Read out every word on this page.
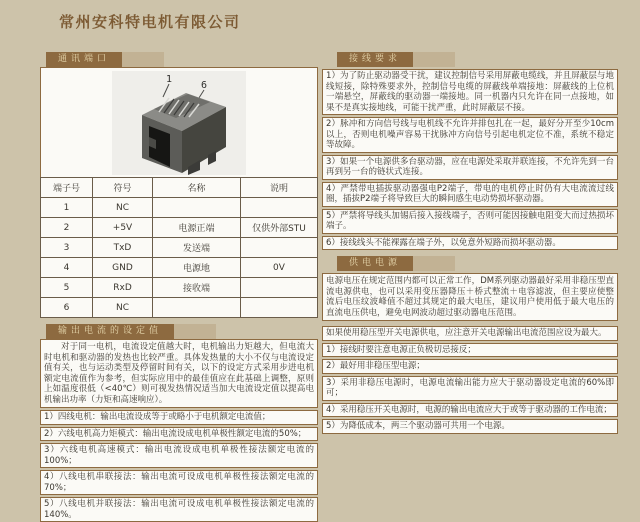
常州安科特电机有限公司
通讯端口
1
6
端子号	符号	名称	说明
1	NC		
2	+5V	电源正端	仅供外部STU
3	TxD	发送端	
4	GND	电源地	0V
5	RxD	接收端	
6	NC		
输出电流的设定值
对于同一电机，电流设定值越大时，电机输出力矩越大，但电流大时电机和驱动器的发热也比较严重。具体发热量的大小不仅与电流设定值有关，也与运动类型及停留时间有关，以下的设定方式采用步进电机额定电流值作为参考，但实际应用中的最佳值应在此基础上调整，原则上如温度很低（<40℃）则可视发热情况适当加大电流设定值以提高电机输出功率（力矩和高速响应）。
1）四线电机：输出电流设成等于或略小于电机额定电流值；
2）六线电机高力矩模式：输出电流设成电机单极性额定电流的50%；
3）六线电机高速模式：输出电流设成电机单极性接法额定电流的100%；
4）八线电机串联接法：输出电流可设成电机单极性接法额定电流的70%；
5）八线电机并联接法：输出电流可设成电机单极性接法额定电流的140%。
接线要求
1）为了防止驱动器受干扰，建议控制信号采用屏蔽电缆线，并且屏蔽层与地线短接，除特殊要求外，控制信号电缆的屏蔽线单端接地：屏蔽线的上位机一端悬空，屏蔽线的驱动器一端接地。同一机器内只允许在同一点接地，如果不是真实接地线，可能干扰严重，此时屏蔽层不接。
2）脉冲和方向信号线与电机线不允许并排包扎在一起，最好分开至少10cm以上，否则电机噪声容易干扰脉冲方向信号引起电机定位不准，系统不稳定等故障。
3）如果一个电源供多台驱动器，应在电源处采取并联连接，不允许先到一台再到另一台的链状式连接。
4）严禁带电插拔驱动器强电P2端子，带电的电机停止时仍有大电流流过线圈，插拔P2端子将导致巨大的瞬间感生电动势损坏驱动器。
5）严禁将导线头加锡后接入接线端子，否则可能因接触电阻变大而过热损坏端子。
6）接线线头不能裸露在端子外，以免意外短路而损坏驱动器。
供电电源
电源电压在规定范围内都可以正常工作，DM系列驱动器最好采用非稳压型直流电源供电，也可以采用变压器降压＋桥式整流＋电容滤波，但主要应使整流后电压纹波峰值不超过其规定的最大电压，建议用户使用低于最大电压的直流电压供电，避免电网波动超过驱动器电压范围。
如果使用稳压型开关电源供电，应注意开关电源输出电流范围应设为最大。
1）接线时要注意电源正负极切忌接反；
2）最好用非稳压型电源；
3）采用非稳压电源时，电源电流输出能力应大于驱动器设定电流的60%即可；
4）采用稳压开关电源时，电源的输出电流应大于或等于驱动器的工作电流；
5）为降低成本，两三个驱动器可共用一个电源。
